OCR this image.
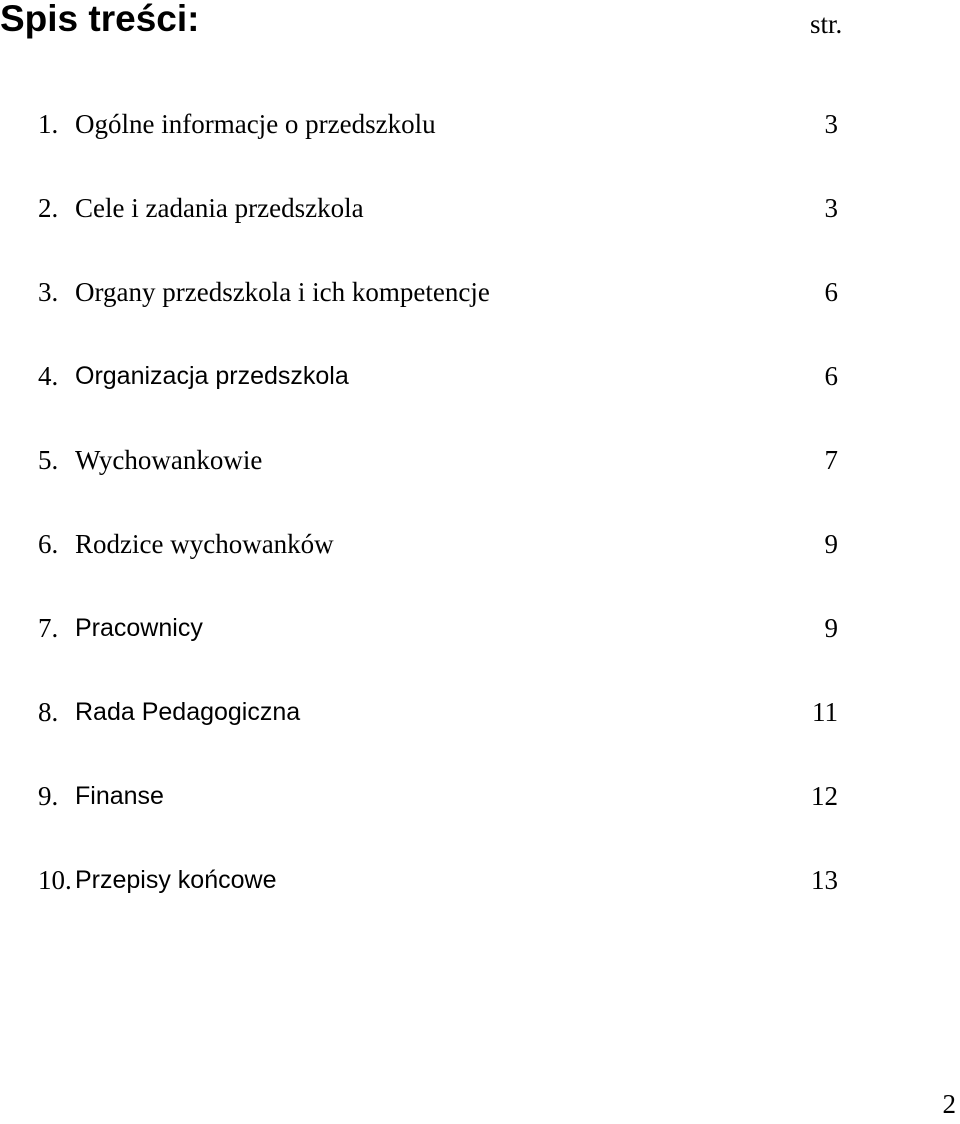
Spis treści:	str.
1. Ogólne informacje o przedszkolu	3
2. Cele i zadania przedszkola	3
3. Organy przedszkola i ich kompetencje	6
4. Organizacja przedszkola	6
5. Wychowankowie	7
6. Rodzice wychowanków	9
7. Pracownicy	9
8. Rada Pedagogiczna	11
9. Finanse	12
10. Przepisy końcowe	13
2
